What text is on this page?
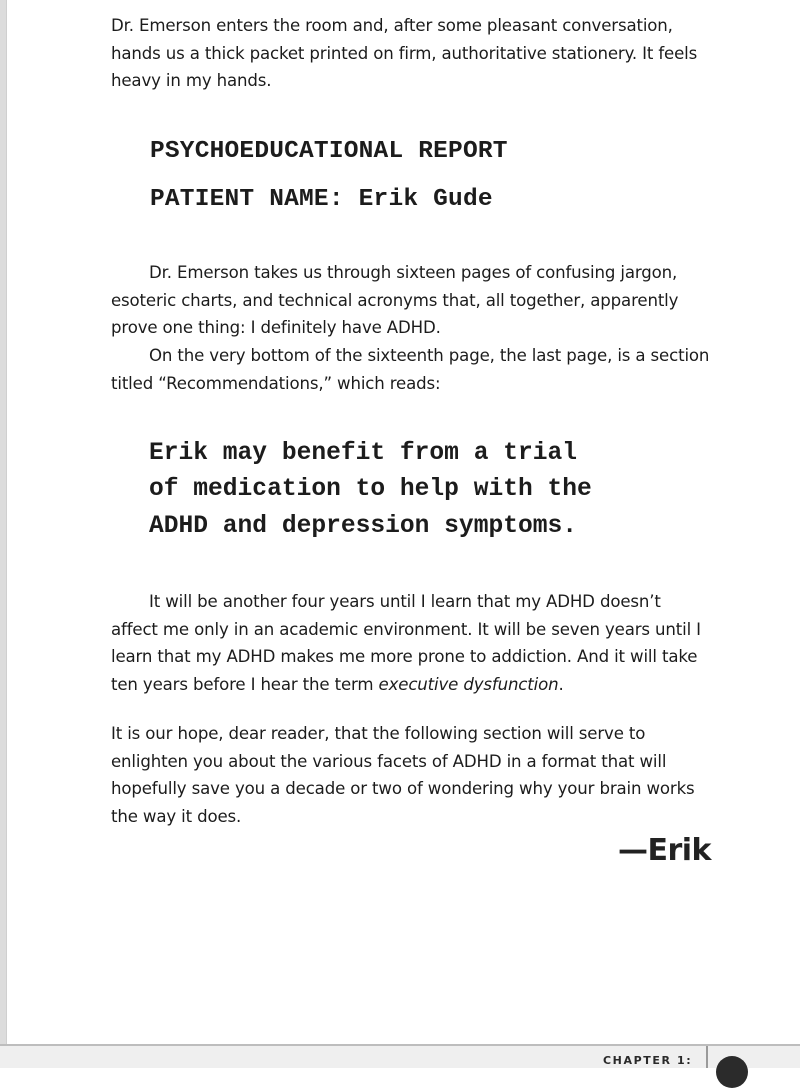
Dr. Emerson enters the room and, after some pleasant conversation, hands us a thick packet printed on firm, authoritative stationery. It feels heavy in my hands.

PSYCHOEDUCATIONAL REPORT
PATIENT NAME: Erik Gude

Dr. Emerson takes us through sixteen pages of confusing jargon, esoteric charts, and technical acronyms that, all together, apparently prove one thing: I definitely have ADHD.

On the very bottom of the sixteenth page, the last page, is a section titled “Recommendations,” which reads:

Erik may benefit from a trial
of medication to help with the
ADHD and depression symptoms.

It will be another four years until I learn that my ADHD doesn’t affect me only in an academic environment. It will be seven years until I learn that my ADHD makes me more prone to addiction. And it will take ten years before I hear the term executive dysfunction.

It is our hope, dear reader, that the following section will serve to enlighten you about the various facets of ADHD in a format that will hopefully save you a decade or two of wondering why your brain works the way it does.

—Erik
CHAPTER 1:
